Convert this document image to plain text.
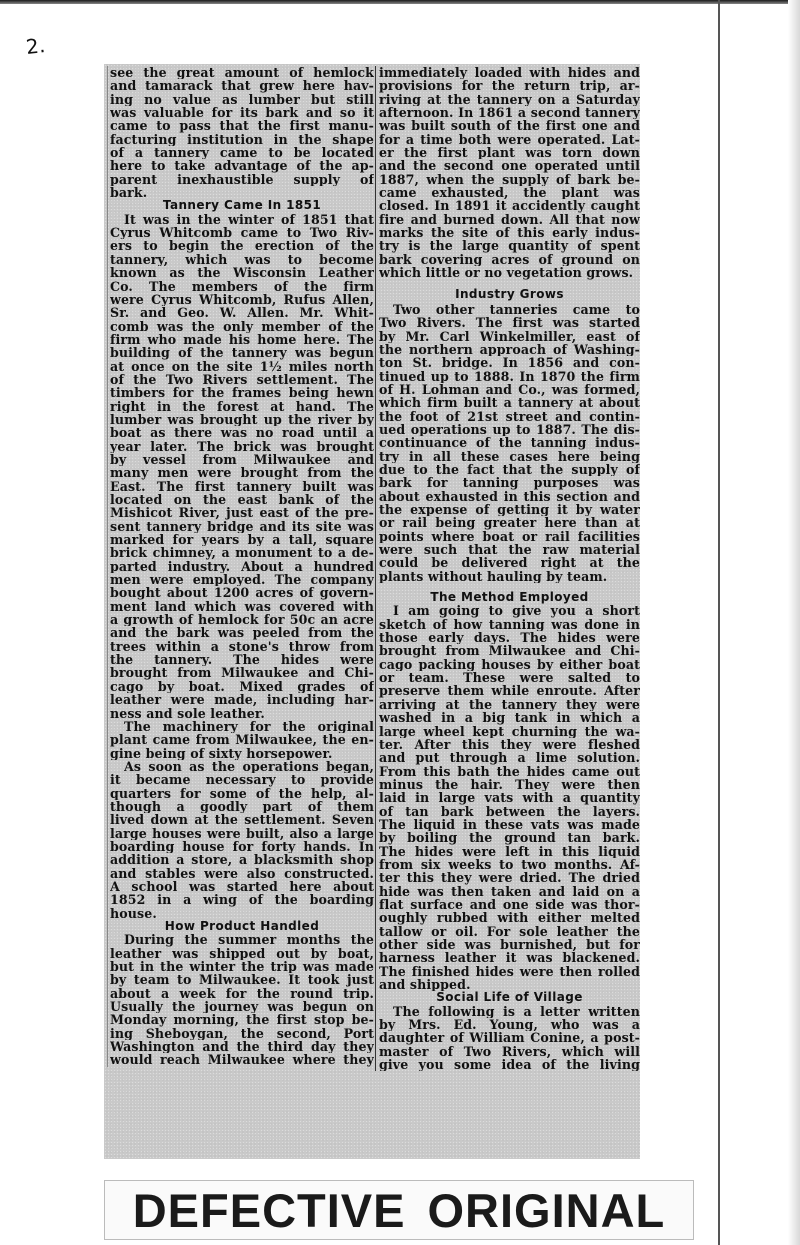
2.
see the great amount of hemlock
and tamarack that grew here hav-
ing no value as lumber but still
was valuable for its bark and so it
came to pass that the first manu-
facturing institution in the shape
of a tannery came to be located
here to take advantage of the ap-
parent inexhaustible supply of
bark.
Tannery Came In 1851
It was in the winter of 1851 that
Cyrus Whitcomb came to Two Riv-
ers to begin the erection of the
tannery, which was to become
known as the Wisconsin Leather
Co. The members of the firm
were Cyrus Whitcomb, Rufus Allen,
Sr. and Geo. W. Allen. Mr. Whit-
comb was the only member of the
firm who made his home here. The
building of the tannery was begun
at once on the site 1½ miles north
of the Two Rivers settlement. The
timbers for the frames being hewn
right in the forest at hand. The
lumber was brought up the river by
boat as there was no road until a
year later. The brick was brought
by vessel from Milwaukee and
many men were brought from the
East. The first tannery built was
located on the east bank of the
Mishicot River, just east of the pre-
sent tannery bridge and its site was
marked for years by a tall, square
brick chimney, a monument to a de-
parted industry. About a hundred
men were employed. The company
bought about 1200 acres of govern-
ment land which was covered with
a growth of hemlock for 50c an acre
and the bark was peeled from the
trees within a stone's throw from
the tannery. The hides were
brought from Milwaukee and Chi-
cago by boat. Mixed grades of
leather were made, including har-
ness and sole leather.
The machinery for the original
plant came from Milwaukee, the en-
gine being of sixty horsepower.
As soon as the operations began,
it became necessary to provide
quarters for some of the help, al-
though a goodly part of them
lived down at the settlement. Seven
large houses were built, also a large
boarding house for forty hands. In
addition a store, a blacksmith shop
and stables were also constructed.
A school was started here about
1852 in a wing of the boarding
house.
How Product Handled
During the summer months the
leather was shipped out by boat,
but in the winter the trip was made
by team to Milwaukee. It took just
about a week for the round trip.
Usually the journey was begun on
Monday morning, the first stop be-
ing Sheboygan, the second, Port
Washington and the third day they
would reach Milwaukee where they
immediately loaded with hides and
provisions for the return trip, ar-
riving at the tannery on a Saturday
afternoon. In 1861 a second tannery
was built south of the first one and
for a time both were operated. Lat-
er the first plant was torn down
and the second one operated until
1887, when the supply of bark be-
came exhausted, the plant was
closed. In 1891 it accidently caught
fire and burned down. All that now
marks the site of this early indus-
try is the large quantity of spent
bark covering acres of ground on
which little or no vegetation grows.
Industry Grows
Two other tanneries came to
Two Rivers. The first was started
by Mr. Carl Winkelmiller, east of
the northern approach of Washing-
ton St. bridge. In 1856 and con-
tinued up to 1888. In 1870 the firm
of H. Lohman and Co., was formed,
which firm built a tannery at about
the foot of 21st street and contin-
ued operations up to 1887. The dis-
continuance of the tanning indus-
try in all these cases here being
due to the fact that the supply of
bark for tanning purposes was
about exhausted in this section and
the expense of getting it by water
or rail being greater here than at
points where boat or rail facilities
were such that the raw material
could be delivered right at the
plants without hauling by team.
The Method Employed
I am going to give you a short
sketch of how tanning was done in
those early days. The hides were
brought from Milwaukee and Chi-
cago packing houses by either boat
or team. These were salted to
preserve them while enroute. After
arriving at the tannery they were
washed in a big tank in which a
large wheel kept churning the wa-
ter. After this they were fleshed
and put through a lime solution.
From this bath the hides came out
minus the hair. They were then
laid in large vats with a quantity
of tan bark between the layers.
The liquid in these vats was made
by boiling the ground tan bark.
The hides were left in this liquid
from six weeks to two months. Af-
ter this they were dried. The dried
hide was then taken and laid on a
flat surface and one side was thor-
oughly rubbed with either melted
tallow or oil. For sole leather the
other side was burnished, but for
harness leather it was blackened.
The finished hides were then rolled
and shipped.
Social Life of Village
The following is a letter written
by Mrs. Ed. Young, who was a
daughter of William Conine, a post-
master of Two Rivers, which will
give you some idea of the living
DEFECTIVE ORIGINAL
